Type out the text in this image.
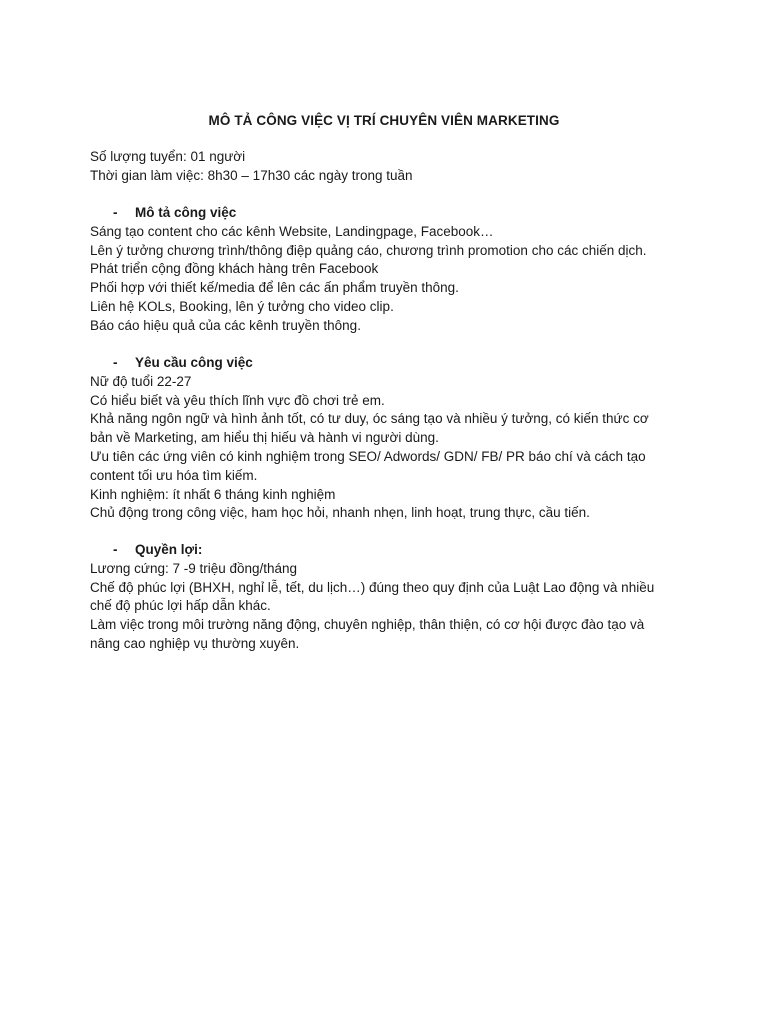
MÔ TẢ CÔNG VIỆC VỊ TRÍ CHUYÊN VIÊN MARKETING
Số lượng tuyển: 01 người
Thời gian làm việc: 8h30 – 17h30 các ngày trong tuần
- Mô tả công việc
Sáng tạo content cho các kênh Website, Landingpage, Facebook…
Lên ý tưởng chương trình/thông điệp quảng cáo, chương trình promotion cho các chiến dịch.
Phát triển cộng đồng khách hàng trên Facebook
Phối hợp với thiết kế/media để lên các ấn phẩm truyền thông.
Liên hệ KOLs, Booking, lên ý tưởng cho video clip.
Báo cáo hiệu quả của các kênh truyền thông.
- Yêu cầu công việc
Nữ độ tuổi 22-27
Có hiểu biết và yêu thích lĩnh vực đồ chơi trẻ em.
Khả năng ngôn ngữ và hình ảnh tốt, có tư duy, óc sáng tạo và nhiều ý tưởng, có kiến thức cơ
bản về Marketing, am hiểu thị hiếu và hành vi người dùng.
Ưu tiên các ứng viên có kinh nghiệm trong SEO/ Adwords/ GDN/ FB/ PR báo chí và cách tạo
content tối ưu hóa tìm kiếm.
Kinh nghiệm: ít nhất 6 tháng kinh nghiệm
Chủ động trong công việc, ham học hỏi, nhanh nhẹn, linh hoạt, trung thực, cầu tiến.
- Quyền lợi:
Lương cứng: 7 -9 triệu đồng/tháng
Chế độ phúc lợi (BHXH, nghỉ lễ, tết, du lịch…) đúng theo quy định của Luật Lao động và nhiều
chế độ phúc lợi hấp dẫn khác.
Làm việc trong môi trường năng động, chuyên nghiệp, thân thiện, có cơ hội được đào tạo và
nâng cao nghiệp vụ thường xuyên.
